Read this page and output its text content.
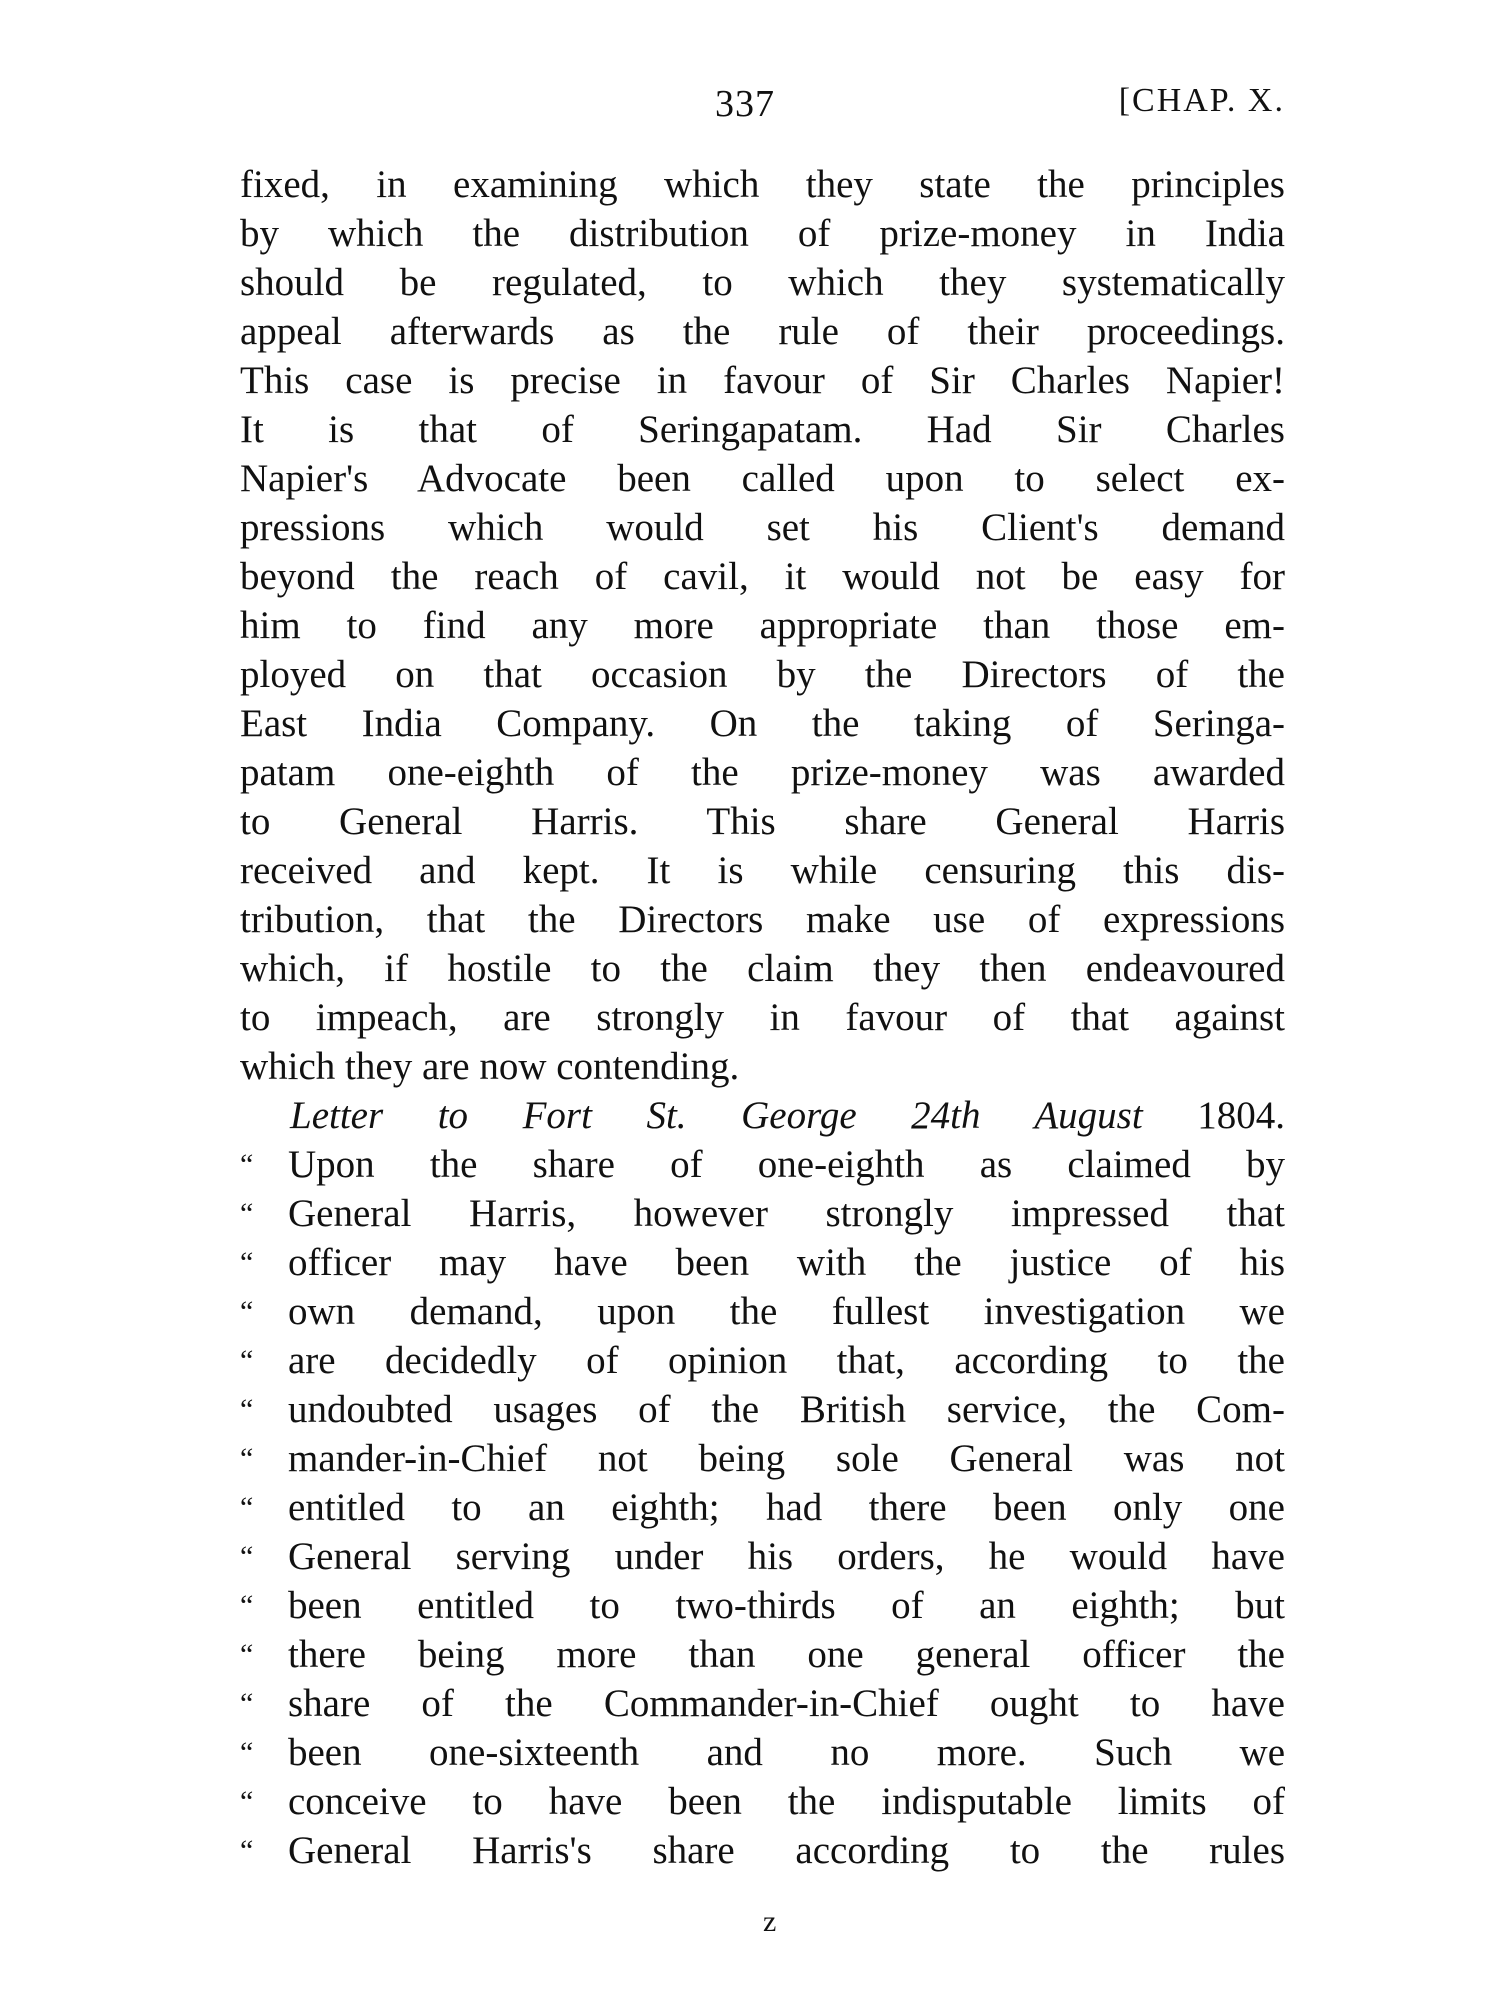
337	[CHAP. X.
fixed, in examining which they state the principles
by which the distribution of prize-money in India
should be regulated, to which they systematically
appeal afterwards as the rule of their proceedings.
This case is precise in favour of Sir Charles Napier!
It is that of Seringapatam. Had Sir Charles
Napier's Advocate been called upon to select ex-
pressions which would set his Client's demand
beyond the reach of cavil, it would not be easy for
him to find any more appropriate than those em-
ployed on that occasion by the Directors of the
East India Company. On the taking of Seringa-
patam one-eighth of the prize-money was awarded
to General Harris. This share General Harris
received and kept. It is while censuring this dis-
tribution, that the Directors make use of expressions
which, if hostile to the claim they then endeavoured
to impeach, are strongly in favour of that against
which they are now contending.
Letter to Fort St. George 24th August 1804.
“ Upon the share of one-eighth as claimed by
“ General Harris, however strongly impressed that
“ officer may have been with the justice of his
“ own demand, upon the fullest investigation we
“ are decidedly of opinion that, according to the
“ undoubted usages of the British service, the Com-
“ mander-in-Chief not being sole General was not
“ entitled to an eighth; had there been only one
“ General serving under his orders, he would have
“ been entitled to two-thirds of an eighth; but
“ there being more than one general officer the
“ share of the Commander-in-Chief ought to have
“ been one-sixteenth and no more. Such we
“ conceive to have been the indisputable limits of
“ General Harris's share according to the rules
z
